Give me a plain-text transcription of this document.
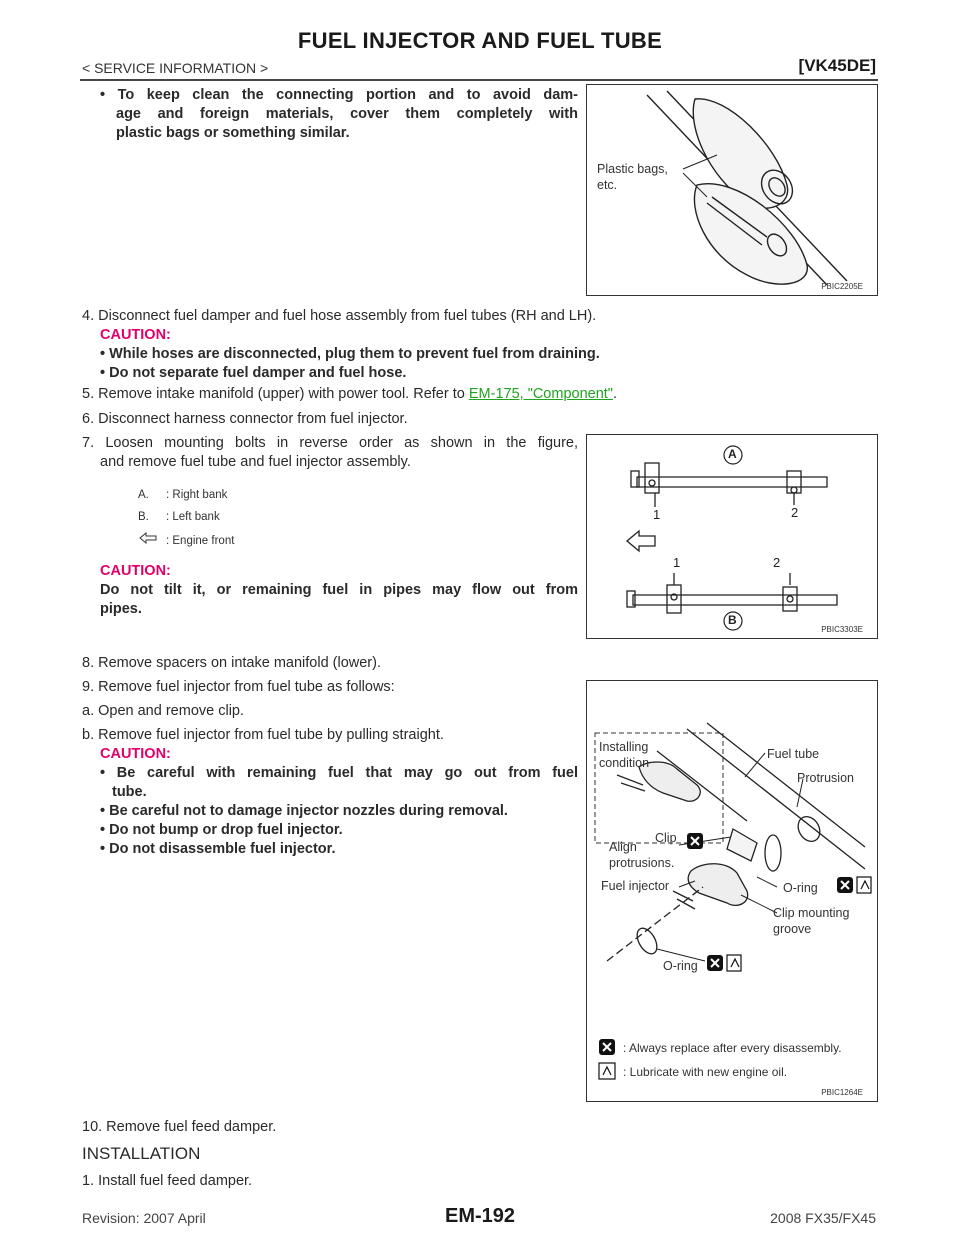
FUEL INJECTOR AND FUEL TUBE
< SERVICE INFORMATION >	[VK45DE]
• To keep clean the connecting portion and to avoid dam-
age and foreign materials, cover them completely with
plastic bags or something similar.
Plastic bags,
etc.
PBIC2205E
4. Disconnect fuel damper and fuel hose assembly from fuel tubes (RH and LH).
CAUTION:
• While hoses are disconnected, plug them to prevent fuel from draining.
• Do not separate fuel damper and fuel hose.
5. Remove intake manifold (upper) with power tool. Refer to EM-175, "Component".
6. Disconnect harness connector from fuel injector.
7. Loosen mounting bolts in reverse order as shown in the figure,
and remove fuel tube and fuel injector assembly.
A. : Right bank
B. : Left bank
: Engine front
CAUTION:
Do not tilt it, or remaining fuel in pipes may flow out from
pipes.
A
B
1	2
1	2
PBIC3303E
8. Remove spacers on intake manifold (lower).
9. Remove fuel injector from fuel tube as follows:
a. Open and remove clip.
b. Remove fuel injector from fuel tube by pulling straight.
CAUTION:
• Be careful with remaining fuel that may go out from fuel
tube.
• Be careful not to damage injector nozzles during removal.
• Do not bump or drop fuel injector.
• Do not disassemble fuel injector.
Installing
condition
Fuel tube
Protrusion
Clip
Align
protrusions.
Fuel injector	O-ring
Clip mounting
groove
O-ring
: Always replace after every disassembly.
: Lubricate with new engine oil.
PBIC1264E
10. Remove fuel feed damper.
INSTALLATION
1. Install fuel feed damper.
Revision: 2007 April	EM-192	2008 FX35/FX45
